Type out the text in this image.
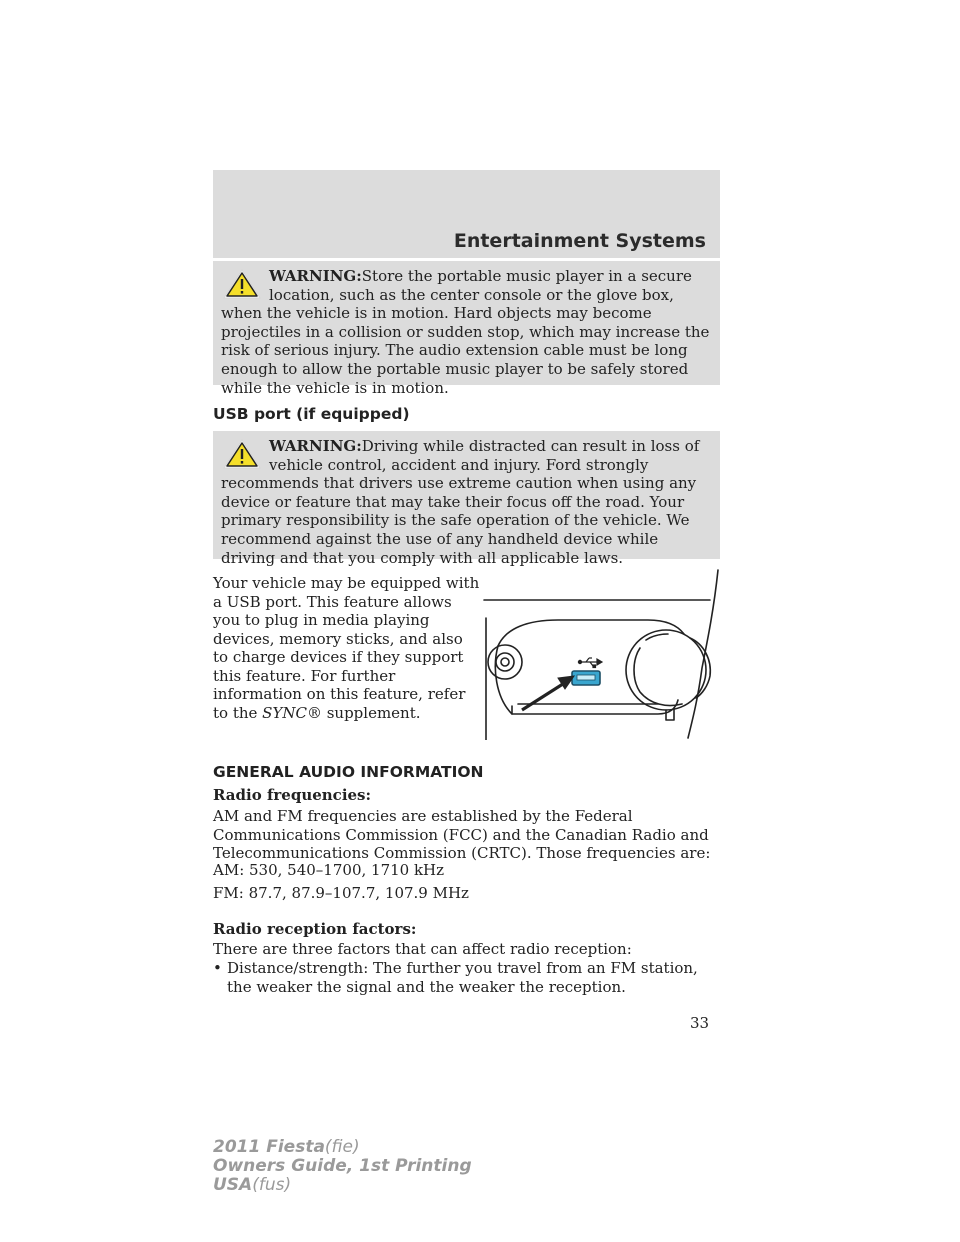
Entertainment Systems

WARNING:Store the portable music player in a secure location, such as the center console or the glove box, when the vehicle is in motion. Hard objects may become projectiles in a collision or sudden stop, which may increase the risk of serious injury. The audio extension cable must be long enough to allow the portable music player to be safely stored while the vehicle is in motion.

USB port (if equipped)

WARNING:Driving while distracted can result in loss of vehicle control, accident and injury. Ford strongly recommends that drivers use extreme caution when using any device or feature that may take their focus off the road. Your primary responsibility is the safe operation of the vehicle. We recommend against the use of any handheld device while driving and that you comply with all applicable laws.

Your vehicle may be equipped with a USB port. This feature allows you to plug in media playing devices, memory sticks, and also to charge devices if they support this feature. For further information on this feature, refer to the SYNC® supplement.

GENERAL AUDIO INFORMATION

Radio frequencies:

AM and FM frequencies are established by the Federal Communications Commission (FCC) and the Canadian Radio and Telecommunications Commission (CRTC). Those frequencies are:

AM: 530, 540–1700, 1710 kHz

FM: 87.7, 87.9–107.7, 107.9 MHz

Radio reception factors:

There are three factors that can affect radio reception:

• Distance/strength: The further you travel from an FM station, the weaker the signal and the weaker the reception.
33
2011 Fiesta(fie)
Owners Guide, 1st Printing
USA(fus)
